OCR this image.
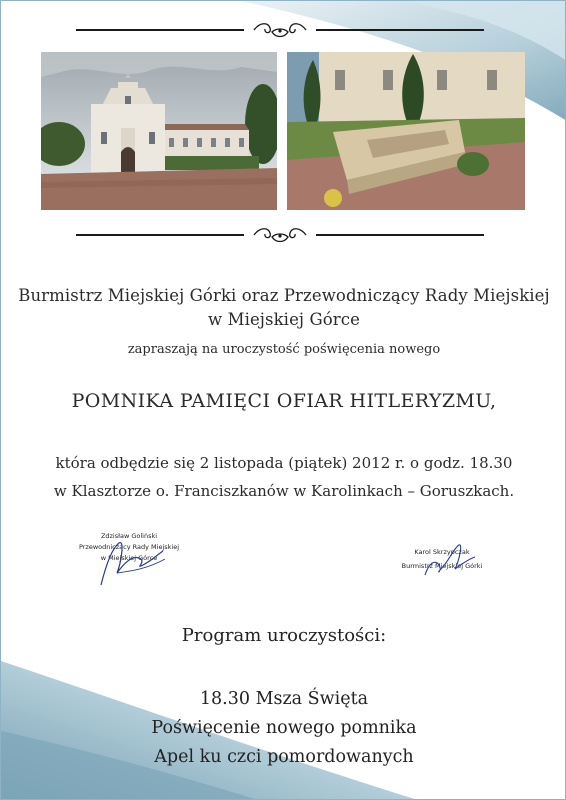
Burmistrz Miejskiej Górki oraz Przewodniczący Rady Miejskiej
w Miejskiej Górce
zapraszają na uroczystość poświęcenia nowego
POMNIKA PAMIĘCI OFIAR HITLERYZMU,
która odbędzie się 2 listopada (piątek) 2012 r. o godz. 18.30
w Klasztorze o. Franciszkanów w Karolinkach – Goruszkach.
Zdzisław Goliński
Przewodniczący Rady Miejskiej
w Miejskiej Górce
Karol Skrzypczak
Burmistrz Miejskiej Górki
Program uroczystości:
18.30 Msza Święta
Poświęcenie nowego pomnika
Apel ku czci pomordowanych
